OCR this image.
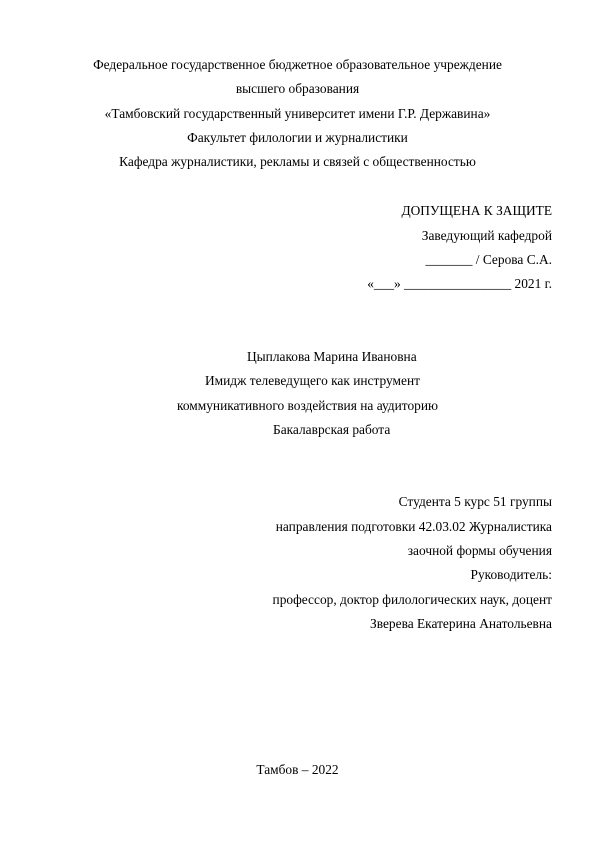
Федеральное государственное бюджетное образовательное учреждение
высшего образования
«Тамбовский государственный университет имени Г.Р. Державина»
Факультет филологии и журналистики
Кафедра журналистики, рекламы и связей с общественностью
ДОПУЩЕНА К ЗАЩИТЕ
Заведующий кафедрой
_______ / Серова С.А.
«___» ________________ 2021 г.
Цыплакова Марина Ивановна
Имидж телеведущего как инструмент
коммуникативного воздействия на аудиторию
Бакалаврская работа
Студента 5 курс 51 группы
направления подготовки 42.03.02 Журналистика
заочной формы обучения
Руководитель:
профессор, доктор филологических наук, доцент
Зверева Екатерина Анатольевна
Тамбов – 2022
